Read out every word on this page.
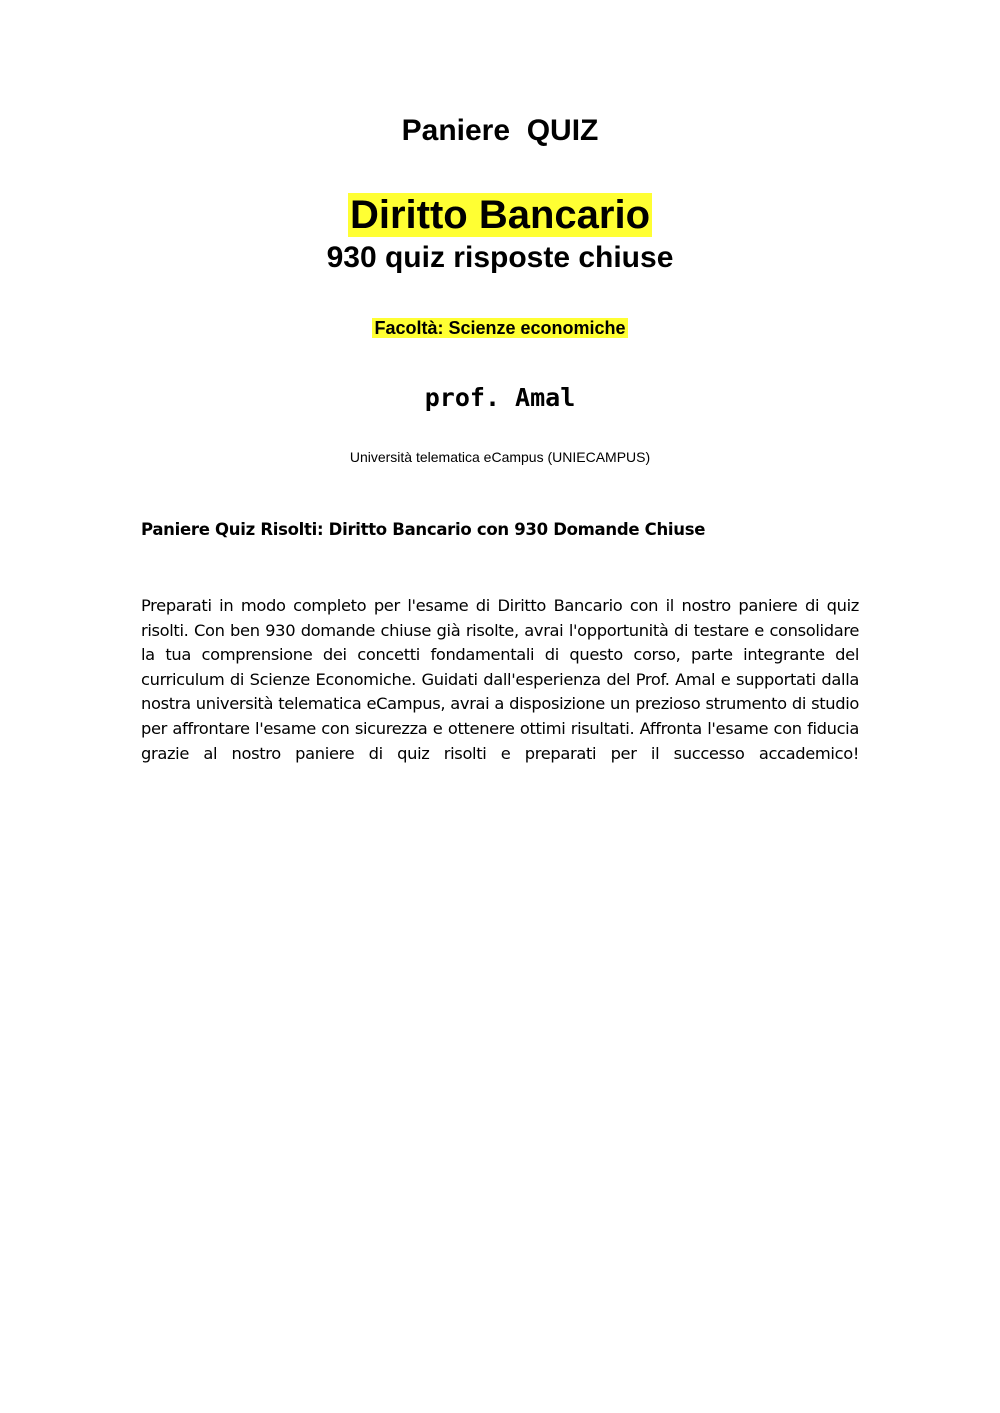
Paniere  QUIZ
Diritto Bancario
930 quiz risposte chiuse
Facoltà: Scienze economiche
prof. Amal
Università telematica eCampus (UNIECAMPUS)
Paniere Quiz Risolti: Diritto Bancario con 930 Domande Chiuse
Preparati in modo completo per l'esame di Diritto Bancario con il nostro paniere di quiz risolti. Con ben 930 domande chiuse già risolte, avrai l'opportunità di testare e consolidare la tua comprensione dei concetti fondamentali di questo corso, parte integrante del curriculum di Scienze Economiche. Guidati dall'esperienza del Prof. Amal e supportati dalla nostra università telematica eCampus, avrai a disposizione un prezioso strumento di studio per affrontare l'esame con sicurezza e ottenere ottimi risultati. Affronta l'esame con fiducia grazie al nostro paniere di quiz risolti e preparati per il successo accademico!
